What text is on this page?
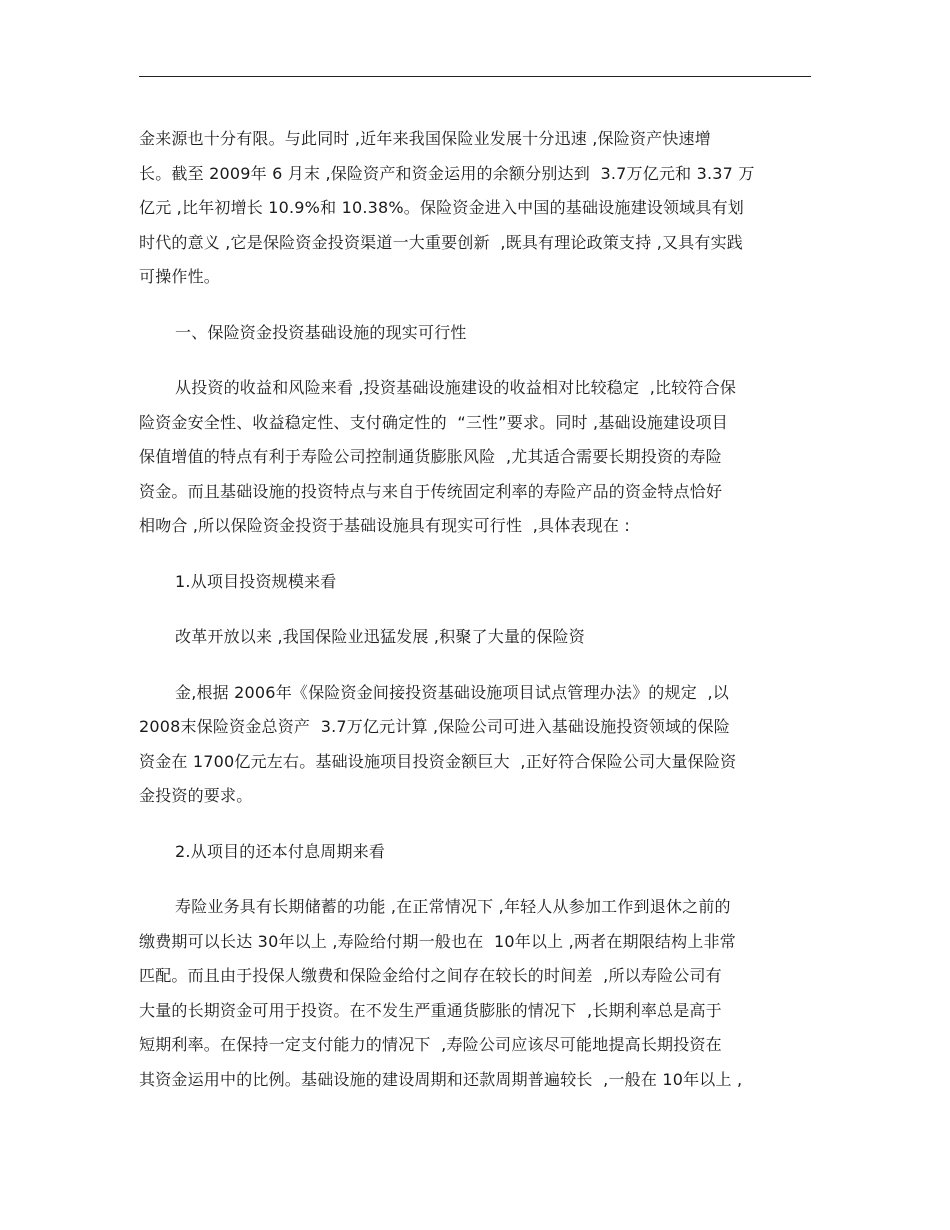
金来源也十分有限。与此同时 ,近年来我国保险业发展十分迅速 ,保险资产快速增
长。截至 2009年 6 月末 ,保险资产和资金运用的余额分别达到  3.7万亿元和 3.37 万
亿元 ,比年初增长 10.9%和 10.38%。保险资金进入中国的基础设施建设领域具有划
时代的意义 ,它是保险资金投资渠道一大重要创新  ,既具有理论政策支持 ,又具有实践
可操作性。
一、保险资金投资基础设施的现实可行性
从投资的收益和风险来看 ,投资基础设施建设的收益相对比较稳定  ,比较符合保
险资金安全性、收益稳定性、支付确定性的  “三性”要求。同时 ,基础设施建设项目
保值增值的特点有利于寿险公司控制通货膨胀风险  ,尤其适合需要长期投资的寿险
资金。而且基础设施的投资特点与来自于传统固定利率的寿险产品的资金特点恰好
相吻合 ,所以保险资金投资于基础设施具有现实可行性  ,具体表现在 :
1.从项目投资规模来看
改革开放以来 ,我国保险业迅猛发展 ,积聚了大量的保险资
金,根据 2006年《保险资金间接投资基础设施项目试点管理办法》的规定  ,以
2008末保险资金总资产  3.7万亿元计算 ,保险公司可进入基础设施投资领域的保险
资金在 1700亿元左右。基础设施项目投资金额巨大  ,正好符合保险公司大量保险资
金投资的要求。
2.从项目的还本付息周期来看
寿险业务具有长期储蓄的功能 ,在正常情况下 ,年轻人从参加工作到退休之前的
缴费期可以长达 30年以上 ,寿险给付期一般也在  10年以上 ,两者在期限结构上非常
匹配。而且由于投保人缴费和保险金给付之间存在较长的时间差  ,所以寿险公司有
大量的长期资金可用于投资。在不发生严重通货膨胀的情况下  ,长期利率总是高于
短期利率。在保持一定支付能力的情况下  ,寿险公司应该尽可能地提高长期投资在
其资金运用中的比例。基础设施的建设周期和还款周期普遍较长  ,一般在 10年以上 ,
